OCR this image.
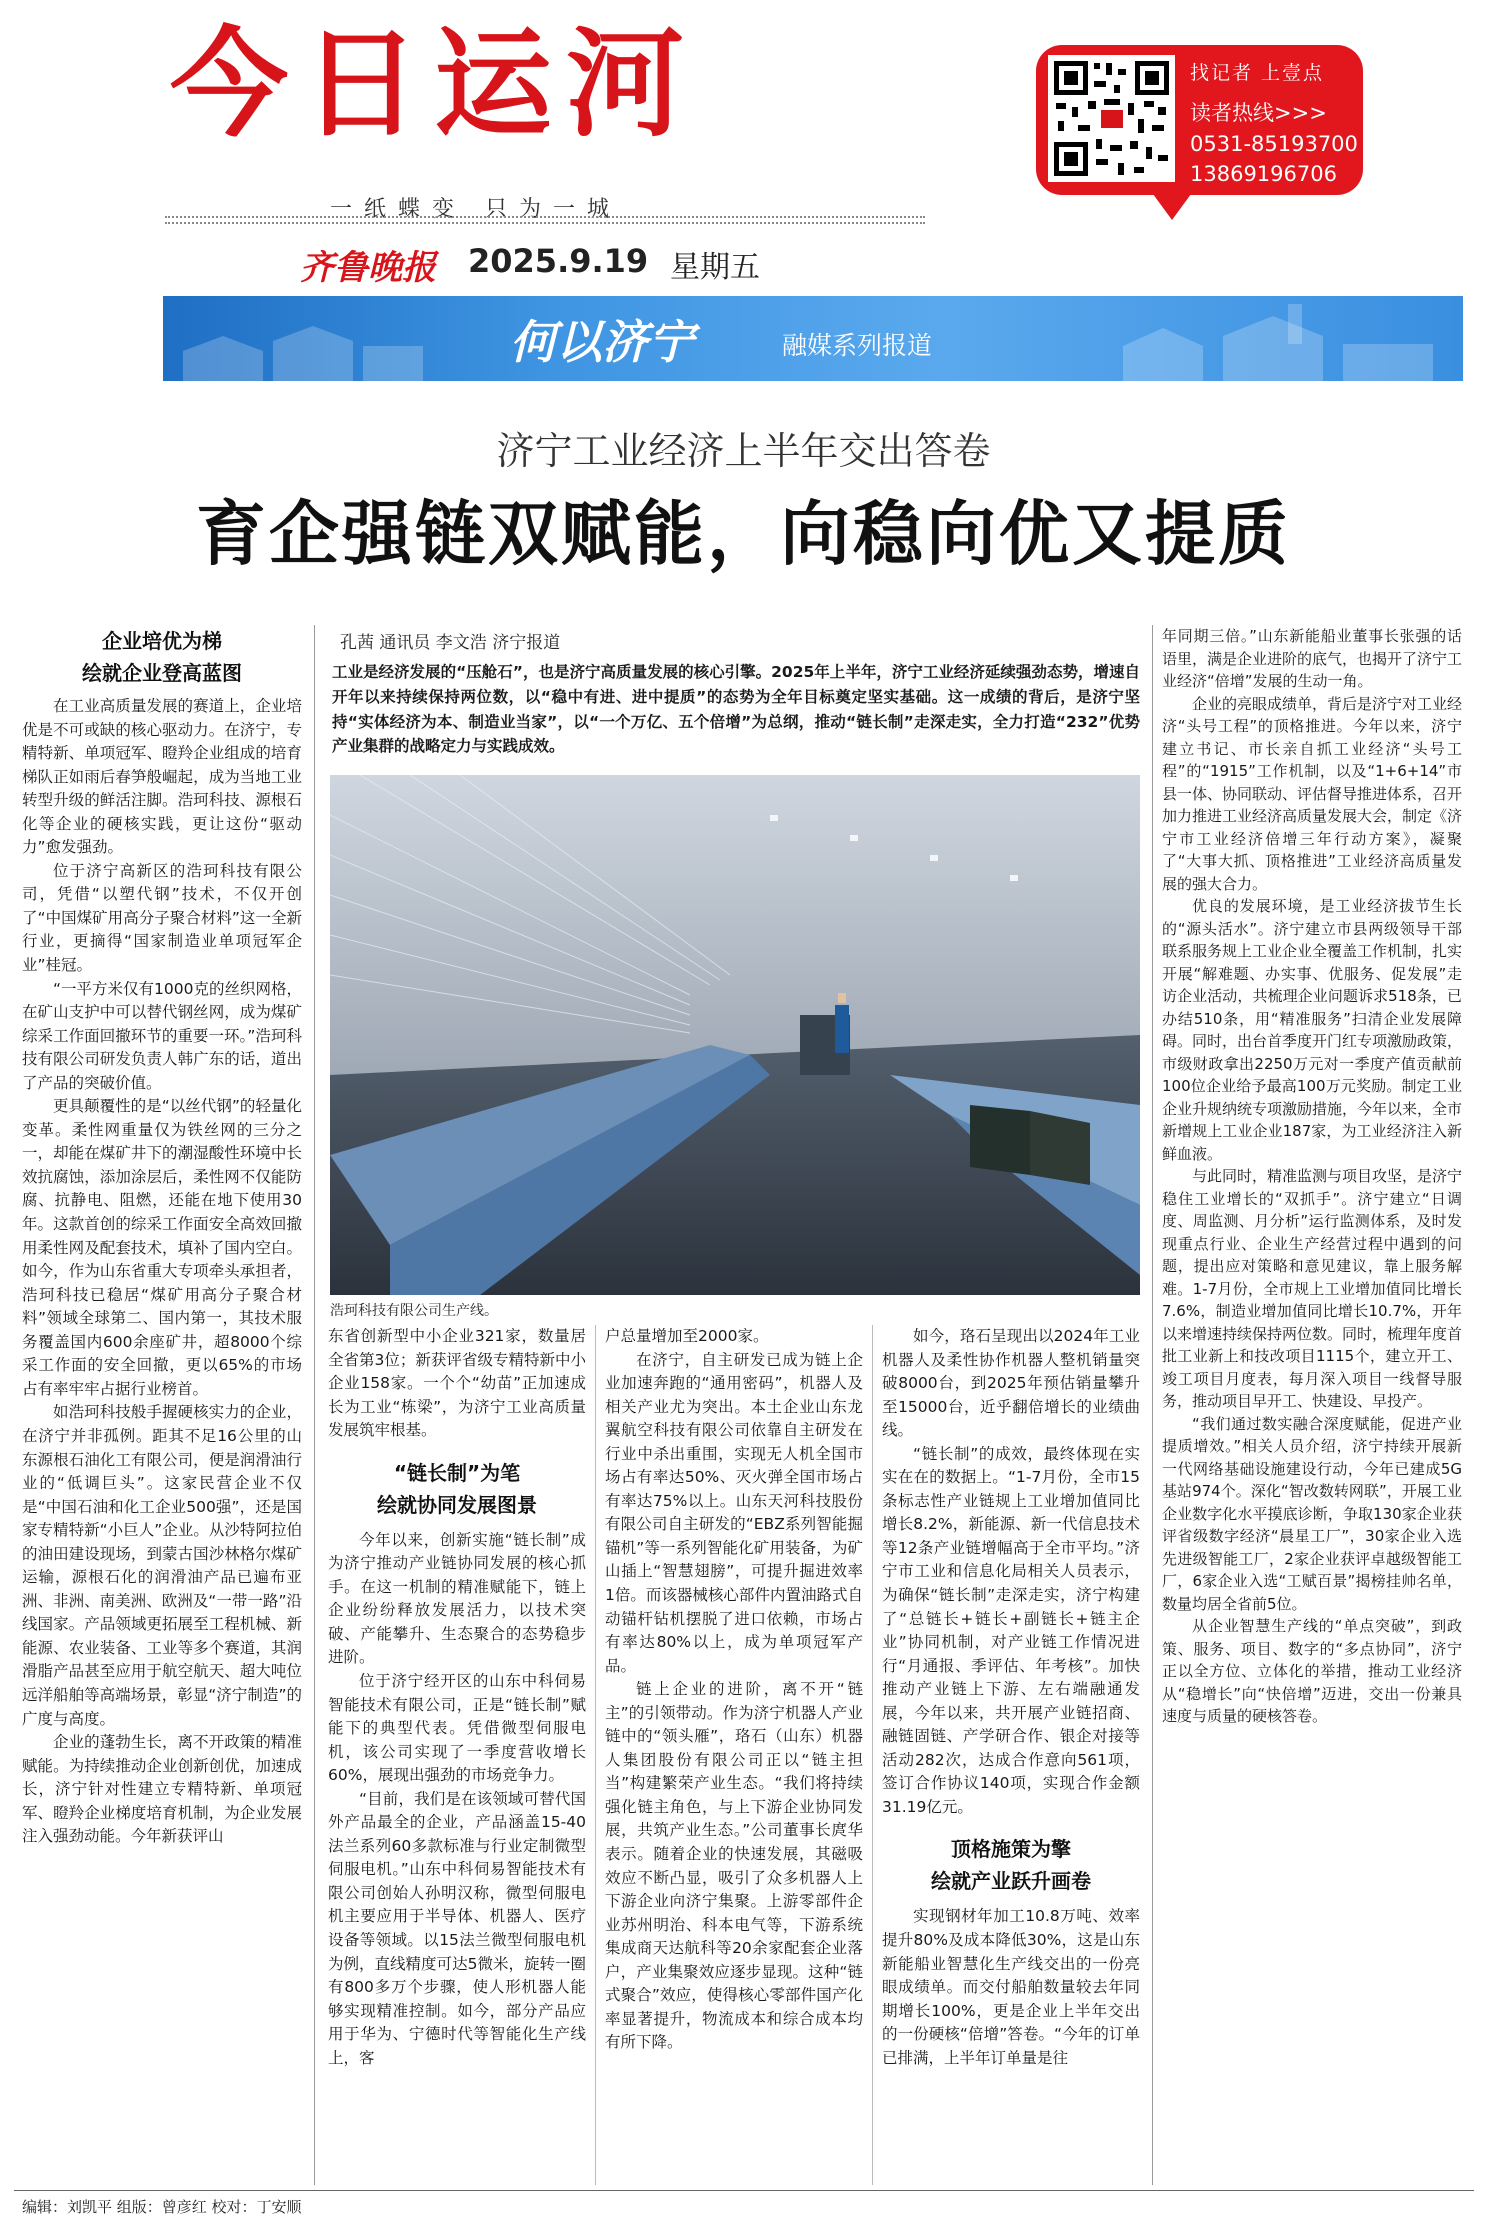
今日运河
一纸蝶变 只为一城
齐鲁晚报 2025.9.19 星期五
找记者 上壹点
读者热线>>>
0531-85193700
13869196706
何以济宁	融媒系列报道
济宁工业经济上半年交出答卷
育企强链双赋能，向稳向优又提质
企业培优为梯
绘就企业登高蓝图

在工业高质量发展的赛道上，企业培优是不可或缺的核心驱动力。在济宁，专精特新、单项冠军、瞪羚企业组成的培育梯队正如雨后春笋般崛起，成为当地工业转型升级的鲜活注脚。浩珂科技、源根石化等企业的硬核实践，更让这份“驱动力”愈发强劲。

位于济宁高新区的浩珂科技有限公司，凭借“以塑代钢”技术，不仅开创了“中国煤矿用高分子聚合材料”这一全新行业，更摘得“国家制造业单项冠军企业”桂冠。

“一平方米仅有1000克的丝织网格，在矿山支护中可以替代钢丝网，成为煤矿综采工作面回撤环节的重要一环。”浩珂科技有限公司研发负责人韩广东的话，道出了产品的突破价值。

更具颠覆性的是“以丝代钢”的轻量化变革。柔性网重量仅为铁丝网的三分之一，却能在煤矿井下的潮湿酸性环境中长效抗腐蚀，添加涂层后，柔性网不仅能防腐、抗静电、阻燃，还能在地下使用30年。这款首创的综采工作面安全高效回撤用柔性网及配套技术，填补了国内空白。如今，作为山东省重大专项牵头承担者，浩珂科技已稳居“煤矿用高分子聚合材料”领域全球第二、国内第一，其技术服务覆盖国内600余座矿井，超8000个综采工作面的安全回撤，更以65%的市场占有率牢牢占据行业榜首。

如浩珂科技般手握硬核实力的企业，在济宁并非孤例。距其不足16公里的山东源根石油化工有限公司，便是润滑油行业的“低调巨头”。这家民营企业不仅是“中国石油和化工企业500强”，还是国家专精特新“小巨人”企业。从沙特阿拉伯的油田建设现场，到蒙古国沙林格尔煤矿运输，源根石化的润滑油产品已遍布亚洲、非洲、南美洲、欧洲及“一带一路”沿线国家。产品领域更拓展至工程机械、新能源、农业装备、工业等多个赛道，其润滑脂产品甚至应用于航空航天、超大吨位远洋船舶等高端场景，彰显“济宁制造”的广度与高度。

企业的蓬勃生长，离不开政策的精准赋能。为持续推动企业创新创优，加速成长，济宁针对性建立专精特新、单项冠军、瞪羚企业梯度培育机制，为企业发展注入强劲动能。今年新获评山

孔茜 通讯员 李文浩 济宁报道
工业是经济发展的“压舱石”，也是济宁高质量发展的核心引擎。2025年上半年，济宁工业经济延续强劲态势，增速自开年以来持续保持两位数，以“稳中有进、进中提质”的态势为全年目标奠定坚实基础。这一成绩的背后，是济宁坚持“实体经济为本、制造业当家”，以“一个万亿、五个倍增”为总纲，推动“链长制”走深走实，全力打造“232”优势产业集群的战略定力与实践成效。
浩珂科技有限公司生产线。

东省创新型中小企业321家，数量居全省第3位；新获评省级专精特新中小企业158家。一个个“幼苗”正加速成长为工业“栋梁”，为济宁工业高质量发展筑牢根基。

“链长制”为笔
绘就协同发展图景

今年以来，创新实施“链长制”成为济宁推动产业链协同发展的核心抓手。在这一机制的精准赋能下，链上企业纷纷释放发展活力，以技术突破、产能攀升、生态聚合的态势稳步进阶。

位于济宁经开区的山东中科伺易智能技术有限公司，正是“链长制”赋能下的典型代表。凭借微型伺服电机，该公司实现了一季度营收增长60%，展现出强劲的市场竞争力。

“目前，我们是在该领域可替代国外产品最全的企业，产品涵盖15-40法兰系列60多款标准与行业定制微型伺服电机。”山东中科伺易智能技术有限公司创始人孙明汉称，微型伺服电机主要应用于半导体、机器人、医疗设备等领域。以15法兰微型伺服电机为例，直线精度可达5微米，旋转一圈有800多万个步骤，使人形机器人能够实现精准控制。如今，部分产品应用于华为、宁德时代等智能化生产线上，客

户总量增加至2000家。

在济宁，自主研发已成为链上企业加速奔跑的“通用密码”，机器人及相关产业尤为突出。本土企业山东龙翼航空科技有限公司依靠自主研发在行业中杀出重围，实现无人机全国市场占有率达50%、灭火弹全国市场占有率达75%以上。山东天河科技股份有限公司自主研发的“EBZ系列智能掘锚机”等一系列智能化矿用装备，为矿山插上“智慧翅膀”，可提升掘进效率1倍。而该器械核心部件内置油路式自动锚杆钻机摆脱了进口依赖，市场占有率达80%以上，成为单项冠军产品。

链上企业的进阶，离不开“链主”的引领带动。作为济宁机器人产业链中的“领头雁”，珞石（山东）机器人集团股份有限公司正以“链主担当”构建繁荣产业生态。“我们将持续强化链主角色，与上下游企业协同发展，共筑产业生态。”公司董事长庹华表示。随着企业的快速发展，其磁吸效应不断凸显，吸引了众多机器人上下游企业向济宁集聚。上游零部件企业苏州明治、科本电气等，下游系统集成商天达航科等20余家配套企业落户，产业集聚效应逐步显现。这种“链式聚合”效应，使得核心零部件国产化率显著提升，物流成本和综合成本均有所下降。

如今，珞石呈现出以2024年工业机器人及柔性协作机器人整机销量突破8000台，到2025年预估销量攀升至15000台，近乎翻倍增长的业绩曲线。

“链长制”的成效，最终体现在实实在在的数据上。“1-7月份，全市15条标志性产业链规上工业增加值同比增长8.2%，新能源、新一代信息技术等12条产业链增幅高于全市平均。”济宁市工业和信息化局相关人员表示，为确保“链长制”走深走实，济宁构建了“总链长+链长+副链长+链主企业”协同机制，对产业链工作情况进行“月通报、季评估、年考核”。加快推动产业链上下游、左右端融通发展，今年以来，共开展产业链招商、融链固链、产学研合作、银企对接等活动282次，达成合作意向561项，签订合作协议140项，实现合作金额31.19亿元。

顶格施策为擎
绘就产业跃升画卷

实现钢材年加工10.8万吨、效率提升80%及成本降低30%，这是山东新能船业智慧化生产线交出的一份亮眼成绩单。而交付船舶数量较去年同期增长100%，更是企业上半年交出的一份硬核“倍增”答卷。“今年的订单已排满，上半年订单量是往

年同期三倍。”山东新能船业董事长张强的话语里，满是企业进阶的底气，也揭开了济宁工业经济“倍增”发展的生动一角。

企业的亮眼成绩单，背后是济宁对工业经济“头号工程”的顶格推进。今年以来，济宁建立书记、市长亲自抓工业经济“头号工程”的“1915”工作机制，以及“1+6+14”市县一体、协同联动、评估督导推进体系，召开加力推进工业经济高质量发展大会，制定《济宁市工业经济倍增三年行动方案》，凝聚了“大事大抓、顶格推进”工业经济高质量发展的强大合力。

优良的发展环境，是工业经济拔节生长的“源头活水”。济宁建立市县两级领导干部联系服务规上工业企业全覆盖工作机制，扎实开展“解难题、办实事、优服务、促发展”走访企业活动，共梳理企业问题诉求518条，已办结510条，用“精准服务”扫清企业发展障碍。同时，出台首季度开门红专项激励政策，市级财政拿出2250万元对一季度产值贡献前100位企业给予最高100万元奖励。制定工业企业升规纳统专项激励措施，今年以来，全市新增规上工业企业187家，为工业经济注入新鲜血液。

与此同时，精准监测与项目攻坚，是济宁稳住工业增长的“双抓手”。济宁建立“日调度、周监测、月分析”运行监测体系，及时发现重点行业、企业生产经营过程中遇到的问题，提出应对策略和意见建议，靠上服务解难。1-7月份，全市规上工业增加值同比增长7.6%，制造业增加值同比增长10.7%，开年以来增速持续保持两位数。同时，梳理年度首批工业新上和技改项目1115个，建立开工、竣工项目月度表，每月深入项目一线督导服务，推动项目早开工、快建设、早投产。

“我们通过数实融合深度赋能，促进产业提质增效。”相关人员介绍，济宁持续开展新一代网络基础设施建设行动，今年已建成5G基站974个。深化“智改数转网联”，开展工业企业数字化水平摸底诊断，争取130家企业获评省级数字经济“晨星工厂”，30家企业入选先进级智能工厂，2家企业获评卓越级智能工厂，6家企业入选“工赋百景”揭榜挂帅名单，数量均居全省前5位。

从企业智慧生产线的“单点突破”，到政策、服务、项目、数字的“多点协同”，济宁正以全方位、立体化的举措，推动工业经济从“稳增长”向“快倍增”迈进，交出一份兼具速度与质量的硬核答卷。

编辑：刘凯平 组版：曾彦红 校对：丁安顺
